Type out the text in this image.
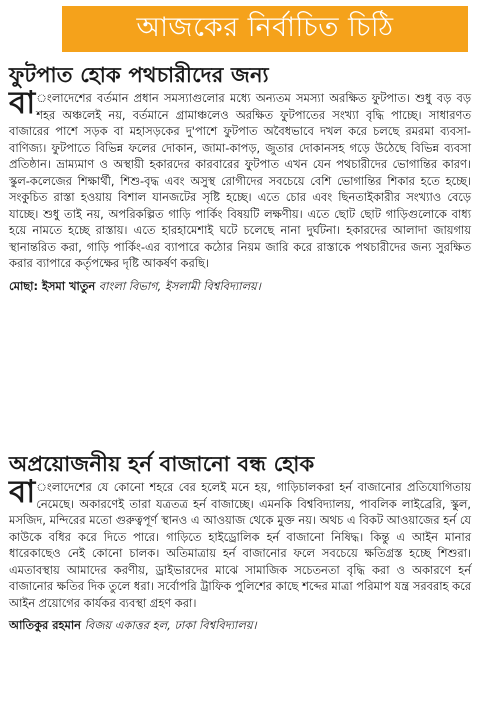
আজকের নির্বাচিত চিঠি
ফুটপাত হোক পথচারীদের জন্য

বা ংলাদেশের বর্তমান প্রধান সমস্যাগুলোর মধ্যে অন্যতম সমস্যা অরক্ষিত ফুটপাত। শুধু বড় বড় শহর অঞ্চলেই নয়, বর্তমানে গ্রামাঞ্চলেও অরক্ষিত ফুটপাতের সংখ্যা বৃদ্ধি পাচ্ছে। সাধারণত বাজারের পাশে সড়ক বা মহাসড়কের দু'পাশে ফুটপাত অবৈধভাবে দখল করে চলছে রমরমা ব্যবসা-বাণিজ্য। ফুটপাতে বিভিন্ন ফলের দোকান, জামা-কাপড়, জুতার দোকানসহ গড়ে উঠেছে বিভিন্ন ব্যবসা প্রতিষ্ঠান। ভ্রাম্যমাণ ও অস্থায়ী হকারদের কারবারের ফুটপাত এখন যেন পথচারীদের ভোগান্তির কারণ। স্কুল-কলেজের শিক্ষার্থী, শিশু-বৃদ্ধ এবং অসুস্থ রোগীদের সবচেয়ে বেশি ভোগান্তির শিকার হতে হচ্ছে। সংকুচিত রাস্তা হওয়ায় বিশাল যানজটের সৃষ্টি হচ্ছে। এতে চোর এবং ছিনতাইকারীর সংখ্যাও বেড়ে যাচ্ছে। শুধু তাই নয়, অপরিকল্পিত গাড়ি পার্কিং বিষয়টি লক্ষণীয়। এতে ছোট ছোট গাড়িগুলোকে বাধ্য হয়ে নামতে হচ্ছে রাস্তায়। এতে হারহামেশাই ঘটে চলেছে নানা দুর্ঘটনা। হকারদের আলাদা জায়গায় স্থানান্তরিত করা, গাড়ি পার্কিং-এর ব্যাপারে কঠোর নিয়ম জারি করে রাস্তাকে পথচারীদের জন্য সুরক্ষিত করার ব্যাপারে কর্তৃপক্ষের দৃষ্টি আকর্ষণ করছি।

মোছা: ইসমা খাতুন বাংলা বিভাগ, ইসলামী বিশ্ববিদ্যালয়।
অপ্রয়োজনীয় হর্ন বাজানো বন্ধ হোক

বা ংলাদেশের যে কোনো শহরে বের হলেই মনে হয়, গাড়িচালকরা হর্ন বাজানোর প্রতিযোগিতায় নেমেছে। অকারণেই তারা যত্রতত্র হর্ন বাজাচ্ছে। এমনকি বিশ্ববিদ্যালয়, পাবলিক লাইব্রেরি, স্কুল, মসজিদ, মন্দিরের মতো গুরুত্বপূর্ণ স্থানও এ আওয়াজ থেকে মুক্ত নয়। অথচ এ বিকট আওয়াজের হর্ন যে কাউকে বধির করে দিতে পারে। গাড়িতে হাইড্রোলিক হর্ন বাজানো নিষিদ্ধ। কিন্তু এ আইন মানার ধারেকাছেও নেই কোনো চালক। অতিমাত্রায় হর্ন বাজানোর ফলে সবচেয়ে ক্ষতিগ্রস্ত হচ্ছে শিশুরা। এমতাবস্থায় আমাদের করণীয়, ড্রাইভারদের মাঝে সামাজিক সচেতনতা বৃদ্ধি করা ও অকারণে হর্ন বাজানোর ক্ষতির দিক তুলে ধরা। সর্বোপরি ট্রাফিক পুলিশের কাছে শব্দের মাত্রা পরিমাপ যন্ত্র সরবরাহ করে আইন প্রয়োগের কার্যকর ব্যবস্থা গ্রহণ করা।

আতিকুর রহমান বিজয় একাত্তর হল, ঢাকা বিশ্ববিদ্যালয়।
